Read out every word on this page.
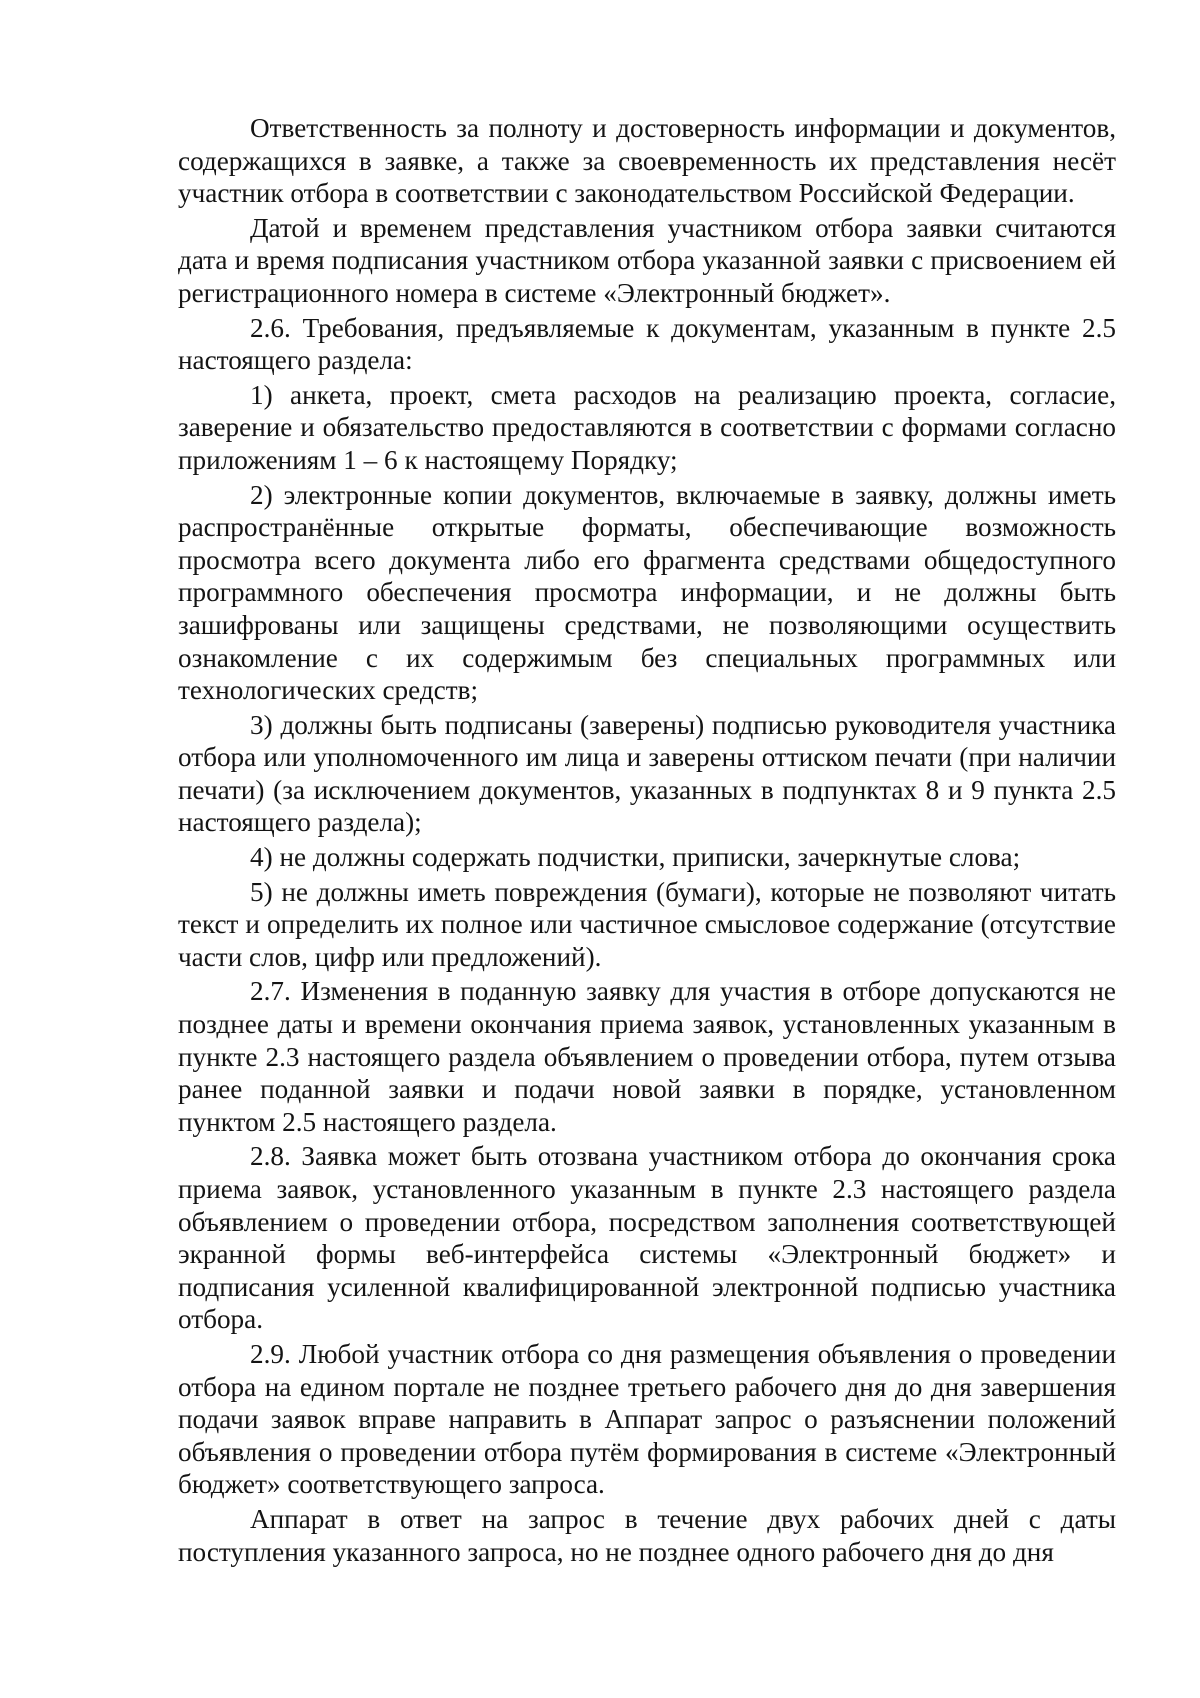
Ответственность за полноту и достоверность информации и документов, содержащихся в заявке, а также за своевременность их представления несёт участник отбора в соответствии с законодательством Российской Федерации.

Датой и временем представления участником отбора заявки считаются дата и время подписания участником отбора указанной заявки с присвоением ей регистрационного номера в системе «Электронный бюджет».

2.6. Требования, предъявляемые к документам, указанным в пункте 2.5 настоящего раздела:

1) анкета, проект, смета расходов на реализацию проекта, согласие, заверение и обязательство предоставляются в соответствии с формами согласно приложениям 1 – 6 к настоящему Порядку;

2) электронные копии документов, включаемые в заявку, должны иметь распространённые открытые форматы, обеспечивающие возможность просмотра всего документа либо его фрагмента средствами общедоступного программного обеспечения просмотра информации, и не должны быть зашифрованы или защищены средствами, не позволяющими осуществить ознакомление с их содержимым без специальных программных или технологических средств;

3) должны быть подписаны (заверены) подписью руководителя участника отбора или уполномоченного им лица и заверены оттиском печати (при наличии печати) (за исключением документов, указанных в подпунктах 8 и 9 пункта 2.5 настоящего раздела);

4) не должны содержать подчистки, приписки, зачеркнутые слова;

5) не должны иметь повреждения (бумаги), которые не позволяют читать текст и определить их полное или частичное смысловое содержание (отсутствие части слов, цифр или предложений).

2.7. Изменения в поданную заявку для участия в отборе допускаются не позднее даты и времени окончания приема заявок, установленных указанным в пункте 2.3 настоящего раздела объявлением о проведении отбора, путем отзыва ранее поданной заявки и подачи новой заявки в порядке, установленном пунктом 2.5 настоящего раздела.

2.8. Заявка может быть отозвана участником отбора до окончания срока приема заявок, установленного указанным в пункте 2.3 настоящего раздела объявлением о проведении отбора, посредством заполнения соответствующей экранной формы веб-интерфейса системы «Электронный бюджет» и подписания усиленной квалифицированной электронной подписью участника отбора.

2.9. Любой участник отбора со дня размещения объявления о проведении отбора на едином портале не позднее третьего рабочего дня до дня завершения подачи заявок вправе направить в Аппарат запрос о разъяснении положений объявления о проведении отбора путём формирования в системе «Электронный бюджет» соответствующего запроса.

Аппарат в ответ на запрос в течение двух рабочих дней с даты поступления указанного запроса, но не позднее одного рабочего дня до дня
